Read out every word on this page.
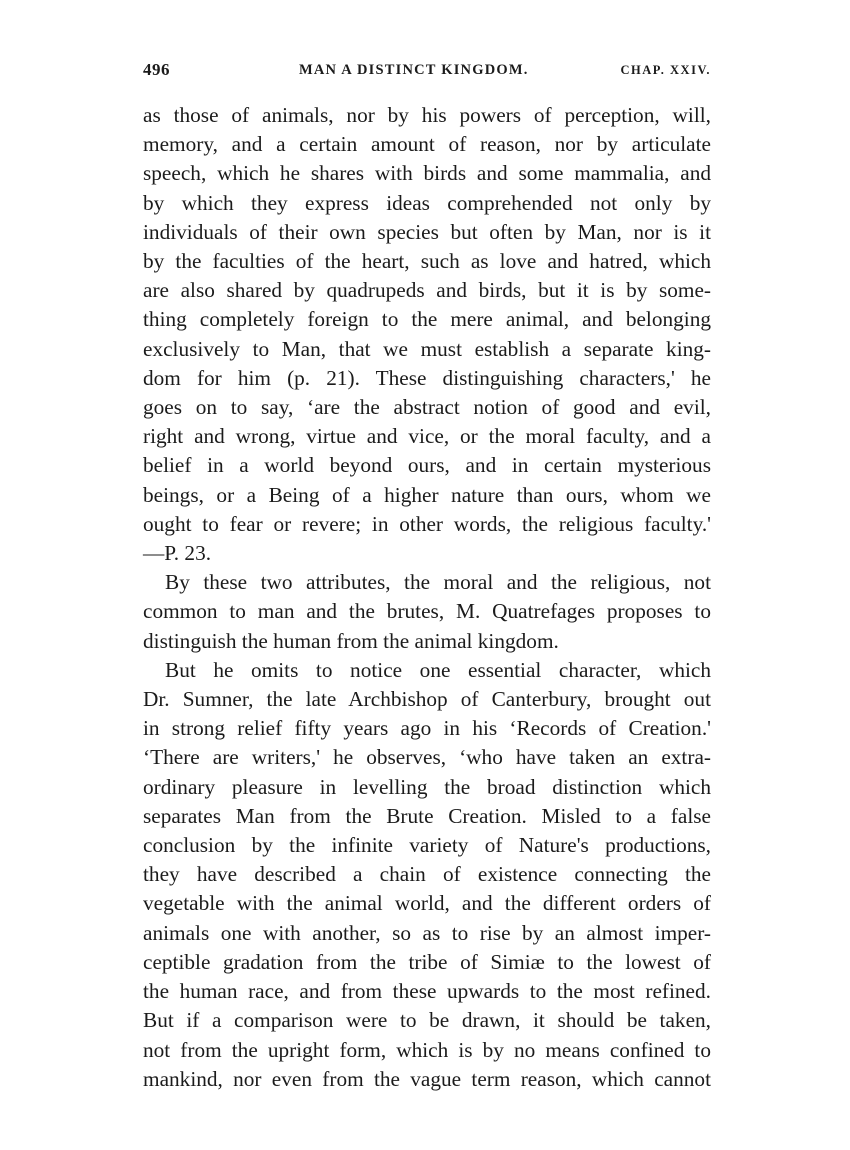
496	MAN A DISTINCT KINGDOM.	CHAP. XXIV.
as those of animals, nor by his powers of perception, will,
memory, and a certain amount of reason, nor by articulate
speech, which he shares with birds and some mammalia, and
by which they express ideas comprehended not only by
individuals of their own species but often by Man, nor is it
by the faculties of the heart, such as love and hatred, which
are also shared by quadrupeds and birds, but it is by some-
thing completely foreign to the mere animal, and belonging
exclusively to Man, that we must establish a separate king-
dom for him (p. 21). These distinguishing characters,' he
goes on to say, ‘are the abstract notion of good and evil,
right and wrong, virtue and vice, or the moral faculty, and a
belief in a world beyond ours, and in certain mysterious
beings, or a Being of a higher nature than ours, whom we
ought to fear or revere; in other words, the religious faculty.'
—P. 23.
By these two attributes, the moral and the religious, not
common to man and the brutes, M. Quatrefages proposes to
distinguish the human from the animal kingdom.
But he omits to notice one essential character, which
Dr. Sumner, the late Archbishop of Canterbury, brought out
in strong relief fifty years ago in his ‘Records of Creation.'
‘There are writers,' he observes, ‘who have taken an extra-
ordinary pleasure in levelling the broad distinction which
separates Man from the Brute Creation. Misled to a false
conclusion by the infinite variety of Nature's productions,
they have described a chain of existence connecting the
vegetable with the animal world, and the different orders of
animals one with another, so as to rise by an almost imper-
ceptible gradation from the tribe of Simiæ to the lowest of
the human race, and from these upwards to the most refined.
But if a comparison were to be drawn, it should be taken,
not from the upright form, which is by no means confined to
mankind, nor even from the vague term reason, which cannot
